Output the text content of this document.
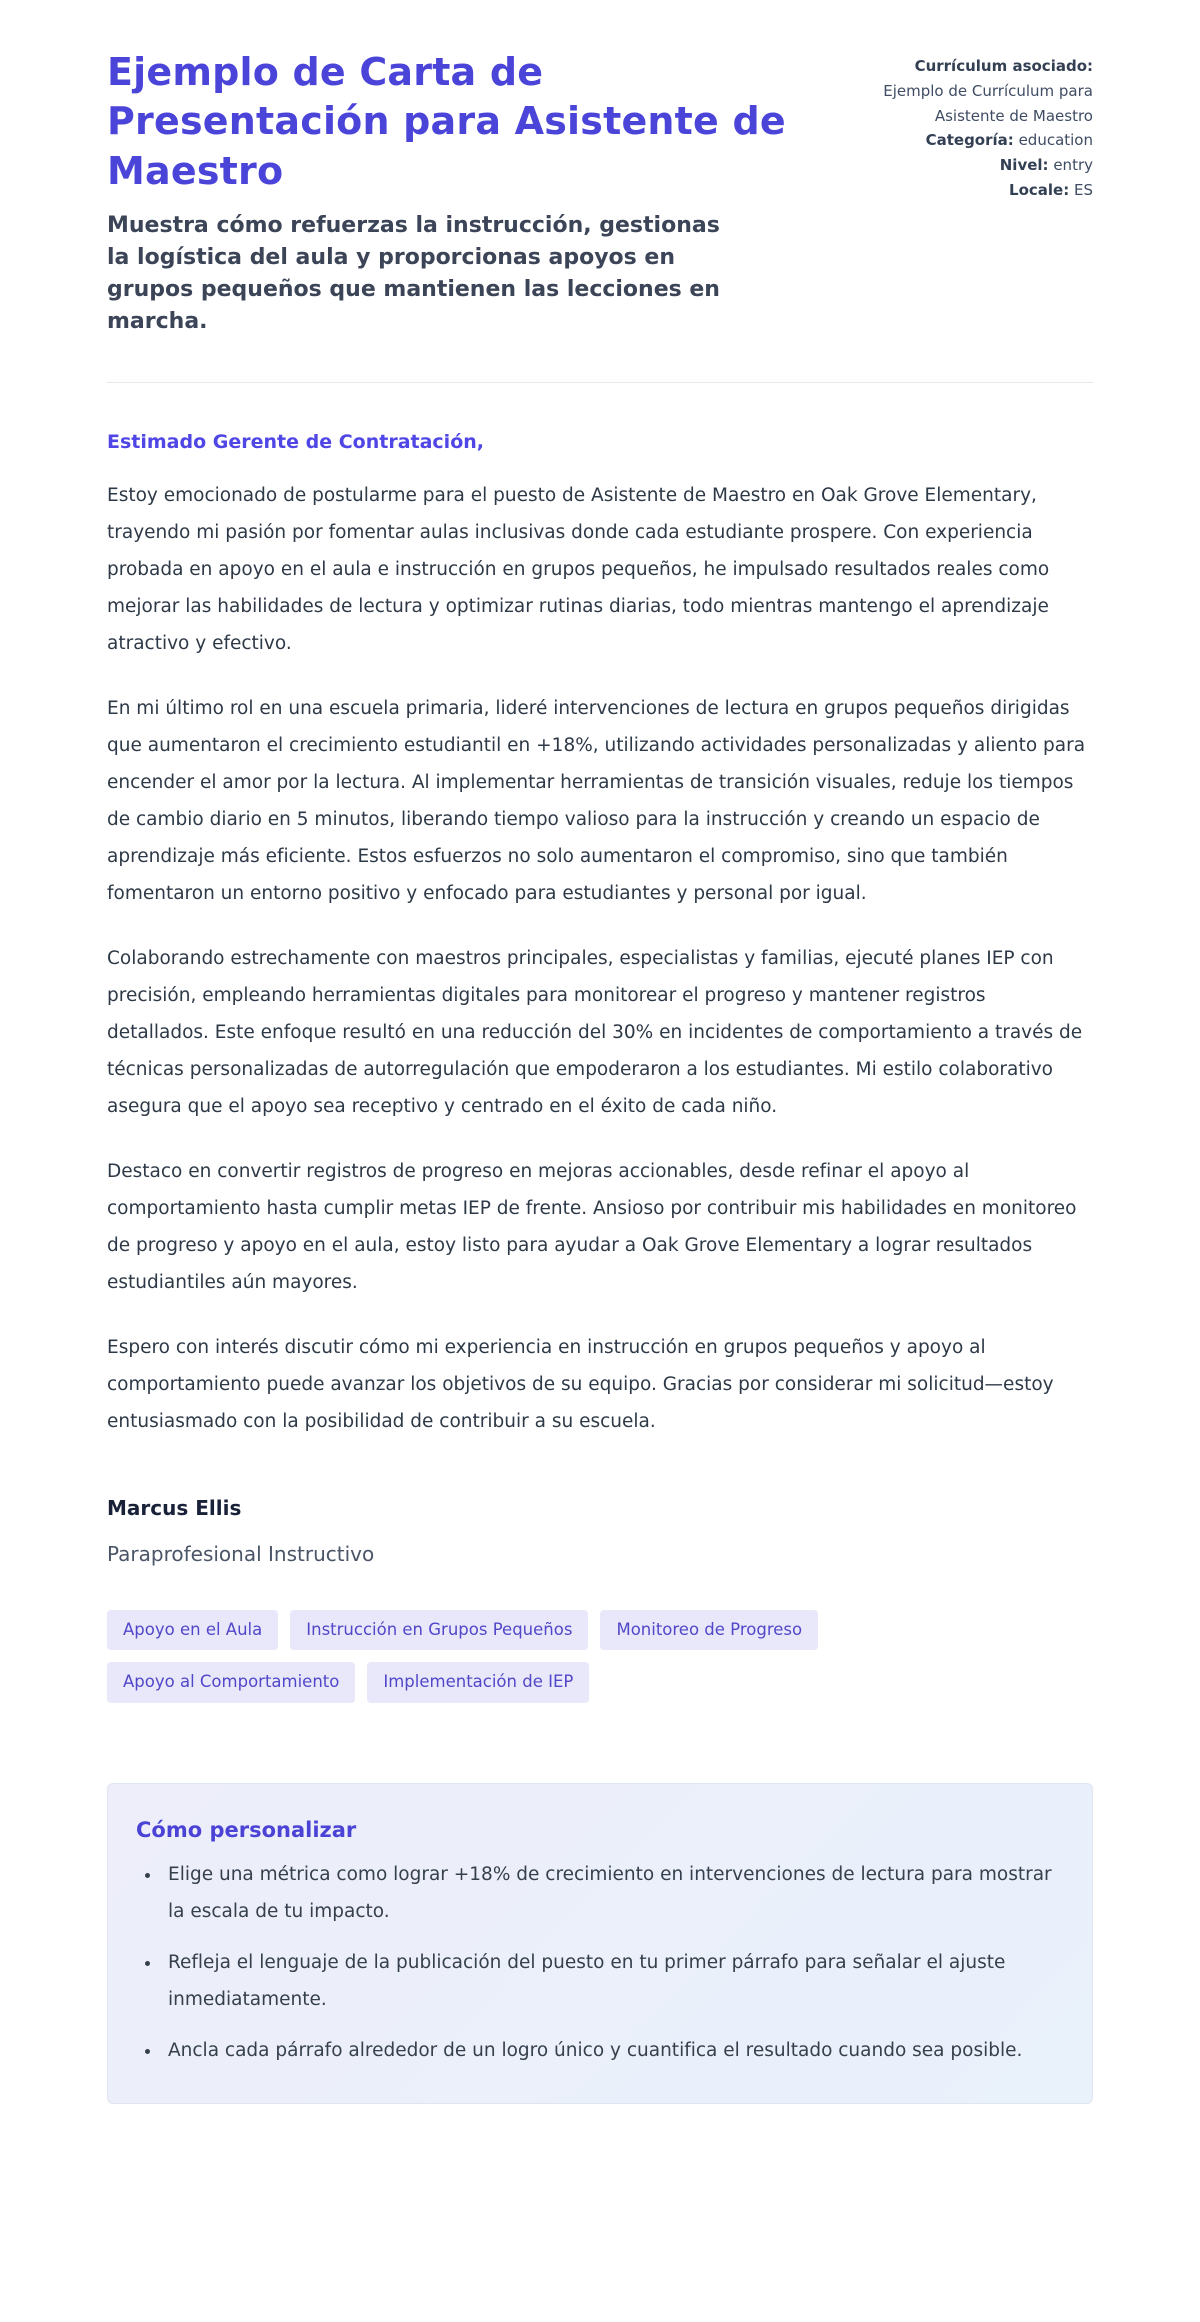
Ejemplo de Carta de Presentación para Asistente de Maestro

Muestra cómo refuerzas la instrucción, gestionas la logística del aula y proporcionas apoyos en grupos pequeños que mantienen las lecciones en marcha.

Currículum asociado: Ejemplo de Currículum para Asistente de Maestro
Categoría: education
Nivel: entry
Locale: ES

Estimado Gerente de Contratación,

Estoy emocionado de postularme para el puesto de Asistente de Maestro en Oak Grove Elementary, trayendo mi pasión por fomentar aulas inclusivas donde cada estudiante prospere. Con experiencia probada en apoyo en el aula e instrucción en grupos pequeños, he impulsado resultados reales como mejorar las habilidades de lectura y optimizar rutinas diarias, todo mientras mantengo el aprendizaje atractivo y efectivo.

En mi último rol en una escuela primaria, lideré intervenciones de lectura en grupos pequeños dirigidas que aumentaron el crecimiento estudiantil en +18%, utilizando actividades personalizadas y aliento para encender el amor por la lectura. Al implementar herramientas de transición visuales, reduje los tiempos de cambio diario en 5 minutos, liberando tiempo valioso para la instrucción y creando un espacio de aprendizaje más eficiente. Estos esfuerzos no solo aumentaron el compromiso, sino que también fomentaron un entorno positivo y enfocado para estudiantes y personal por igual.

Colaborando estrechamente con maestros principales, especialistas y familias, ejecuté planes IEP con precisión, empleando herramientas digitales para monitorear el progreso y mantener registros detallados. Este enfoque resultó en una reducción del 30% en incidentes de comportamiento a través de técnicas personalizadas de autorregulación que empoderaron a los estudiantes. Mi estilo colaborativo asegura que el apoyo sea receptivo y centrado en el éxito de cada niño.

Destaco en convertir registros de progreso en mejoras accionables, desde refinar el apoyo al comportamiento hasta cumplir metas IEP de frente. Ansioso por contribuir mis habilidades en monitoreo de progreso y apoyo en el aula, estoy listo para ayudar a Oak Grove Elementary a lograr resultados estudiantiles aún mayores.

Espero con interés discutir cómo mi experiencia en instrucción en grupos pequeños y apoyo al comportamiento puede avanzar los objetivos de su equipo. Gracias por considerar mi solicitud—estoy entusiasmado con la posibilidad de contribuir a su escuela.

Marcus Ellis

Paraprofesional Instructivo

Apoyo en el Aula	Instrucción en Grupos Pequeños	Monitoreo de Progreso
Apoyo al Comportamiento	Implementación de IEP
Cómo personalizar
• Elige una métrica como lograr +18% de crecimiento en intervenciones de lectura para mostrar la escala de tu impacto.
• Refleja el lenguaje de la publicación del puesto en tu primer párrafo para señalar el ajuste inmediatamente.
• Ancla cada párrafo alrededor de un logro único y cuantifica el resultado cuando sea posible.
